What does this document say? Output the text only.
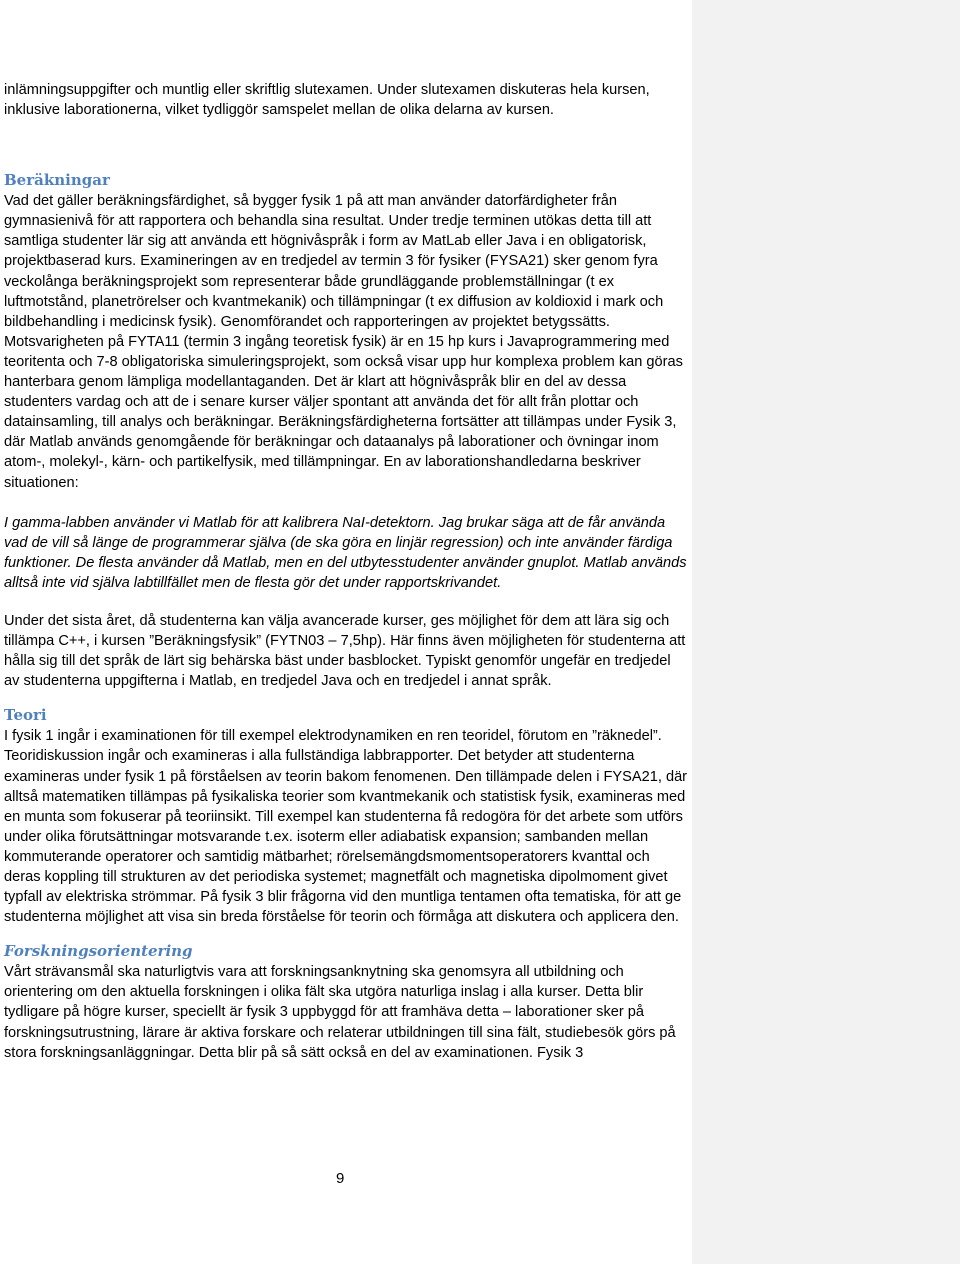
inlämningsuppgifter och muntlig eller skriftlig slutexamen. Under slutexamen diskuteras hela kursen, inklusive laborationerna, vilket tydliggör samspelet mellan de olika delarna av kursen.

Beräkningar

Vad det gäller beräkningsfärdighet, så bygger fysik 1 på att man använder datorfärdigheter från gymnasienivå för att rapportera och behandla sina resultat. Under tredje terminen utökas detta till att samtliga studenter lär sig att använda ett högnivåspråk i form av MatLab eller Java i en obligatorisk, projektbaserad kurs. Examineringen av en tredjedel av termin 3 för fysiker (FYSA21) sker genom fyra veckolånga beräkningsprojekt som representerar både grundläggande problemställningar (t ex luftmotstånd, planetrörelser och kvantmekanik) och tillämpningar (t ex diffusion av koldioxid i mark och bildbehandling i medicinsk fysik). Genomförandet och rapporteringen av projektet betygssätts. Motsvarigheten på FYTA11 (termin 3 ingång teoretisk fysik) är en 15 hp kurs i Javaprogrammering med teoritenta och 7-8 obligatoriska simuleringsprojekt, som också visar upp hur komplexa problem kan göras hanterbara genom lämpliga modellantaganden. Det är klart att högnivåspråk blir en del av dessa studenters vardag och att de i senare kurser väljer spontant att använda det för allt från plottar och datainsamling, till analys och beräkningar. Beräkningsfärdigheterna fortsätter att tillämpas under Fysik 3, där Matlab används genomgående för beräkningar och dataanalys på laborationer och övningar inom atom-, molekyl-, kärn- och partikelfysik, med tillämpningar. En av laborationshandledarna beskriver situationen:

I gamma-labben använder vi Matlab för att kalibrera NaI-detektorn. Jag brukar säga att de får använda vad de vill så länge de programmerar själva (de ska göra en linjär regression) och inte använder färdiga funktioner. De flesta använder då Matlab, men en del utbytesstudenter använder gnuplot. Matlab används alltså inte vid själva labtillfället men de flesta gör det under rapportskrivandet.

Under det sista året, då studenterna kan välja avancerade kurser, ges möjlighet för dem att lära sig och tillämpa C++, i kursen ”Beräkningsfysik” (FYTN03 – 7,5hp). Här finns även möjligheten för studenterna att hålla sig till det språk de lärt sig behärska bäst under basblocket. Typiskt genomför ungefär en tredjedel av studenterna uppgifterna i Matlab, en tredjedel Java och en tredjedel i annat språk.

Teori

I fysik 1 ingår i examinationen för till exempel elektrodynamiken en ren teoridel, förutom en ”räknedel”. Teoridiskussion ingår och examineras i alla fullständiga labbrapporter. Det betyder att studenterna examineras under fysik 1 på förståelsen av teorin bakom fenomenen. Den tillämpade delen i FYSA21, där alltså matematiken tillämpas på fysikaliska teorier som kvantmekanik och statistisk fysik, examineras med en munta som fokuserar på teoriinsikt. Till exempel kan studenterna få redogöra för det arbete som utförs under olika förutsättningar motsvarande t.ex. isoterm eller adiabatisk expansion; sambanden mellan kommuterande operatorer och samtidig mätbarhet; rörelsemängdsmomentsoperatorers kvanttal och deras koppling till strukturen av det periodiska systemet; magnetfält och magnetiska dipolmoment givet typfall av elektriska strömmar. På fysik 3 blir frågorna vid den muntliga tentamen ofta tematiska, för att ge studenterna möjlighet att visa sin breda förståelse för teorin och förmåga att diskutera och applicera den.

Forskningsorientering

Vårt strävansmål ska naturligtvis vara att forskningsanknytning ska genomsyra all utbildning och orientering om den aktuella forskningen i olika fält ska utgöra naturliga inslag i alla kurser. Detta blir tydligare på högre kurser, speciellt är fysik 3 uppbyggd för att framhäva detta – laborationer sker på forskningsutrustning, lärare är aktiva forskare och relaterar utbildningen till sina fält, studiebesök görs på stora forskningsanläggningar. Detta blir på så sätt också en del av examinationen. Fysik 3

9
